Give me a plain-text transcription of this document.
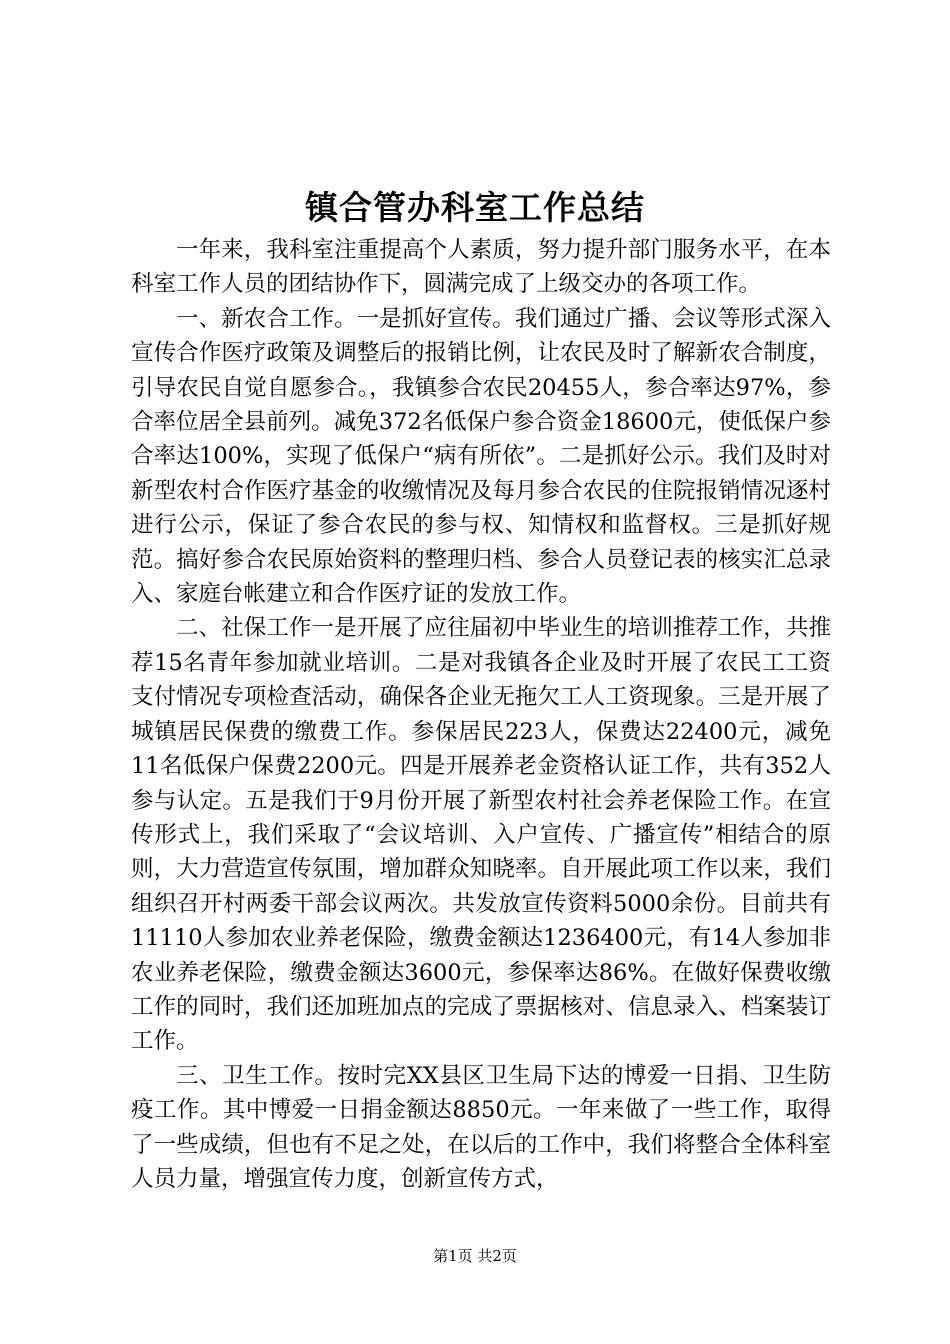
镇合管办科室工作总结

一年来，我科室注重提高个人素质，努力提升部门服务水平，在本科室工作人员的团结协作下，圆满完成了上级交办的各项工作。

一、新农合工作。一是抓好宣传。我们通过广播、会议等形式深入宣传合作医疗政策及调整后的报销比例，让农民及时了解新农合制度，引导农民自觉自愿参合。，我镇参合农民20455人，参合率达97%，参合率位居全县前列。减免372名低保户参合资金18600元，使低保户参合率达100%，实现了低保户“病有所依”。二是抓好公示。我们及时对新型农村合作医疗基金的收缴情况及每月参合农民的住院报销情况逐村进行公示，保证了参合农民的参与权、知情权和监督权。三是抓好规范。搞好参合农民原始资料的整理归档、参合人员登记表的核实汇总录入、家庭台帐建立和合作医疗证的发放工作。

二、社保工作一是开展了应往届初中毕业生的培训推荐工作，共推荐15名青年参加就业培训。二是对我镇各企业及时开展了农民工工资支付情况专项检查活动，确保各企业无拖欠工人工资现象。三是开展了城镇居民保费的缴费工作。参保居民223人，保费达22400元，减免11名低保户保费2200元。四是开展养老金资格认证工作，共有352人参与认定。五是我们于9月份开展了新型农村社会养老保险工作。在宣传形式上，我们采取了“会议培训、入户宣传、广播宣传”相结合的原则，大力营造宣传氛围，增加群众知晓率。自开展此项工作以来，我们组织召开村两委干部会议两次。共发放宣传资料5000余份。目前共有11110人参加农业养老保险，缴费金额达1236400元，有14人参加非农业养老保险，缴费金额达3600元，参保率达86%。在做好保费收缴工作的同时，我们还加班加点的完成了票据核对、信息录入、档案装订工作。

三、卫生工作。按时完XX县区卫生局下达的博爱一日捐、卫生防疫工作。其中博爱一日捐金额达8850元。一年来做了一些工作，取得了一些成绩，但也有不足之处，在以后的工作中，我们将整合全体科室人员力量，增强宣传力度，创新宣传方式，

第1页 共2页
